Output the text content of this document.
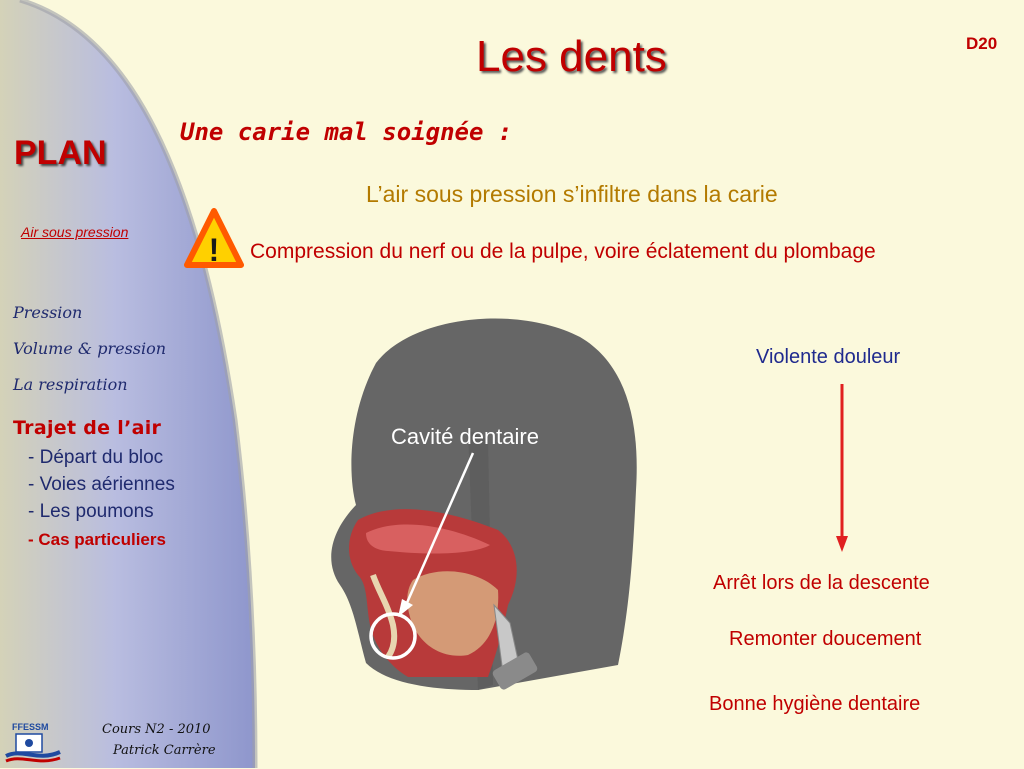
PLAN
Air sous pression
Pression
Volume & pression
La respiration
Trajet de l’air
- Départ du bloc
- Voies aériennes
- Les poumons
- Cas particuliers
FFESSM	Cours N2 - 2010
Patrick Carrère
Les dents	D20
Une carie mal soignée :
L’air sous pression s’infiltre dans la carie
! Compression du nerf ou de la pulpe, voire éclatement du plombage
Cavité dentaire
Violente douleur
Arrêt lors de la descente
Remonter doucement
Bonne hygiène dentaire
